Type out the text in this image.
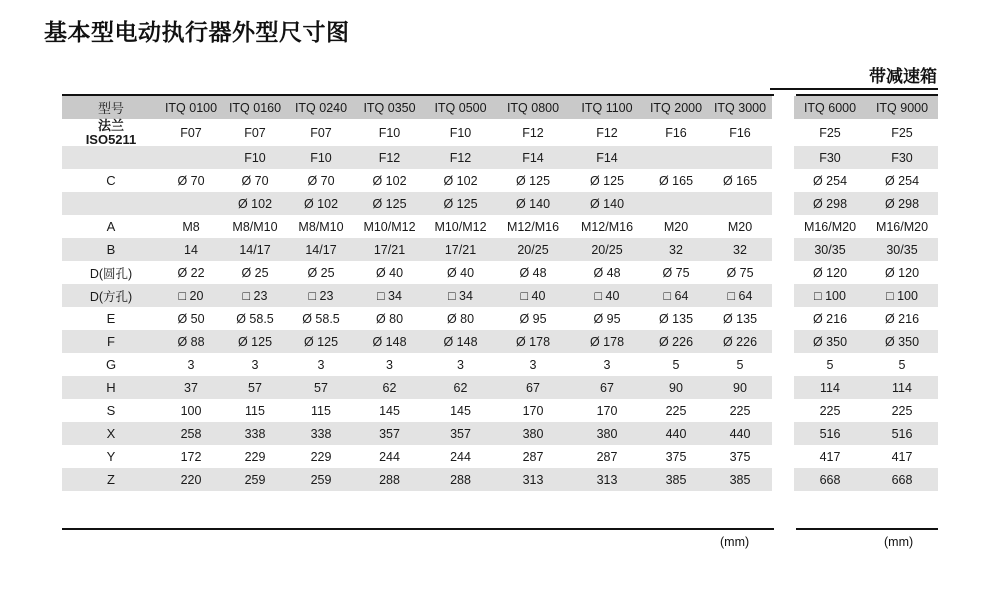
基本型电动执行器外型尺寸图
带减速箱
型号	ITQ 0100	ITQ 0160	ITQ 0240	ITQ 0350	ITQ 0500	ITQ 0800	ITQ 1100	ITQ 2000	ITQ 3000		ITQ 6000	ITQ 9000

法兰
ISO5211	F07	F07	F07	F10	F10	F12	F12	F16	F16		F25	F25
		F10	F10	F12	F12	F14	F14				F30	F30
C	Ø 70	Ø 70	Ø 70	Ø 102	Ø 102	Ø 125	Ø 125	Ø 165	Ø 165		Ø 254	Ø 254
		Ø 102	Ø 102	Ø 125	Ø 125	Ø 140	Ø 140				Ø 298	Ø 298
A	M8	M8/M10	M8/M10	M10/M12	M10/M12	M12/M16	M12/M16	M20	M20		M16/M20	M16/M20
B	14	14/17	14/17	17/21	17/21	20/25	20/25	32	32		30/35	30/35
D(圆孔)	Ø 22	Ø 25	Ø 25	Ø 40	Ø 40	Ø 48	Ø 48	Ø 75	Ø 75		Ø 120	Ø 120
D(方孔)	□ 20	□ 23	□ 23	□ 34	□ 34	□ 40	□ 40	□ 64	□ 64		□ 100	□ 100
E	Ø 50	Ø 58.5	Ø 58.5	Ø 80	Ø 80	Ø 95	Ø 95	Ø 135	Ø 135		Ø 216	Ø 216
F	Ø 88	Ø 125	Ø 125	Ø 148	Ø 148	Ø 178	Ø 178	Ø 226	Ø 226		Ø 350	Ø 350
G	3	3	3	3	3	3	3	5	5		5	5
H	37	57	57	62	62	67	67	90	90		114	114
S	100	115	115	145	145	170	170	225	225		225	225
X	258	338	338	357	357	380	380	440	440		516	516
Y	172	229	229	244	244	287	287	375	375		417	417
Z	220	259	259	288	288	313	313	385	385		668	668
(mm)	(mm)
